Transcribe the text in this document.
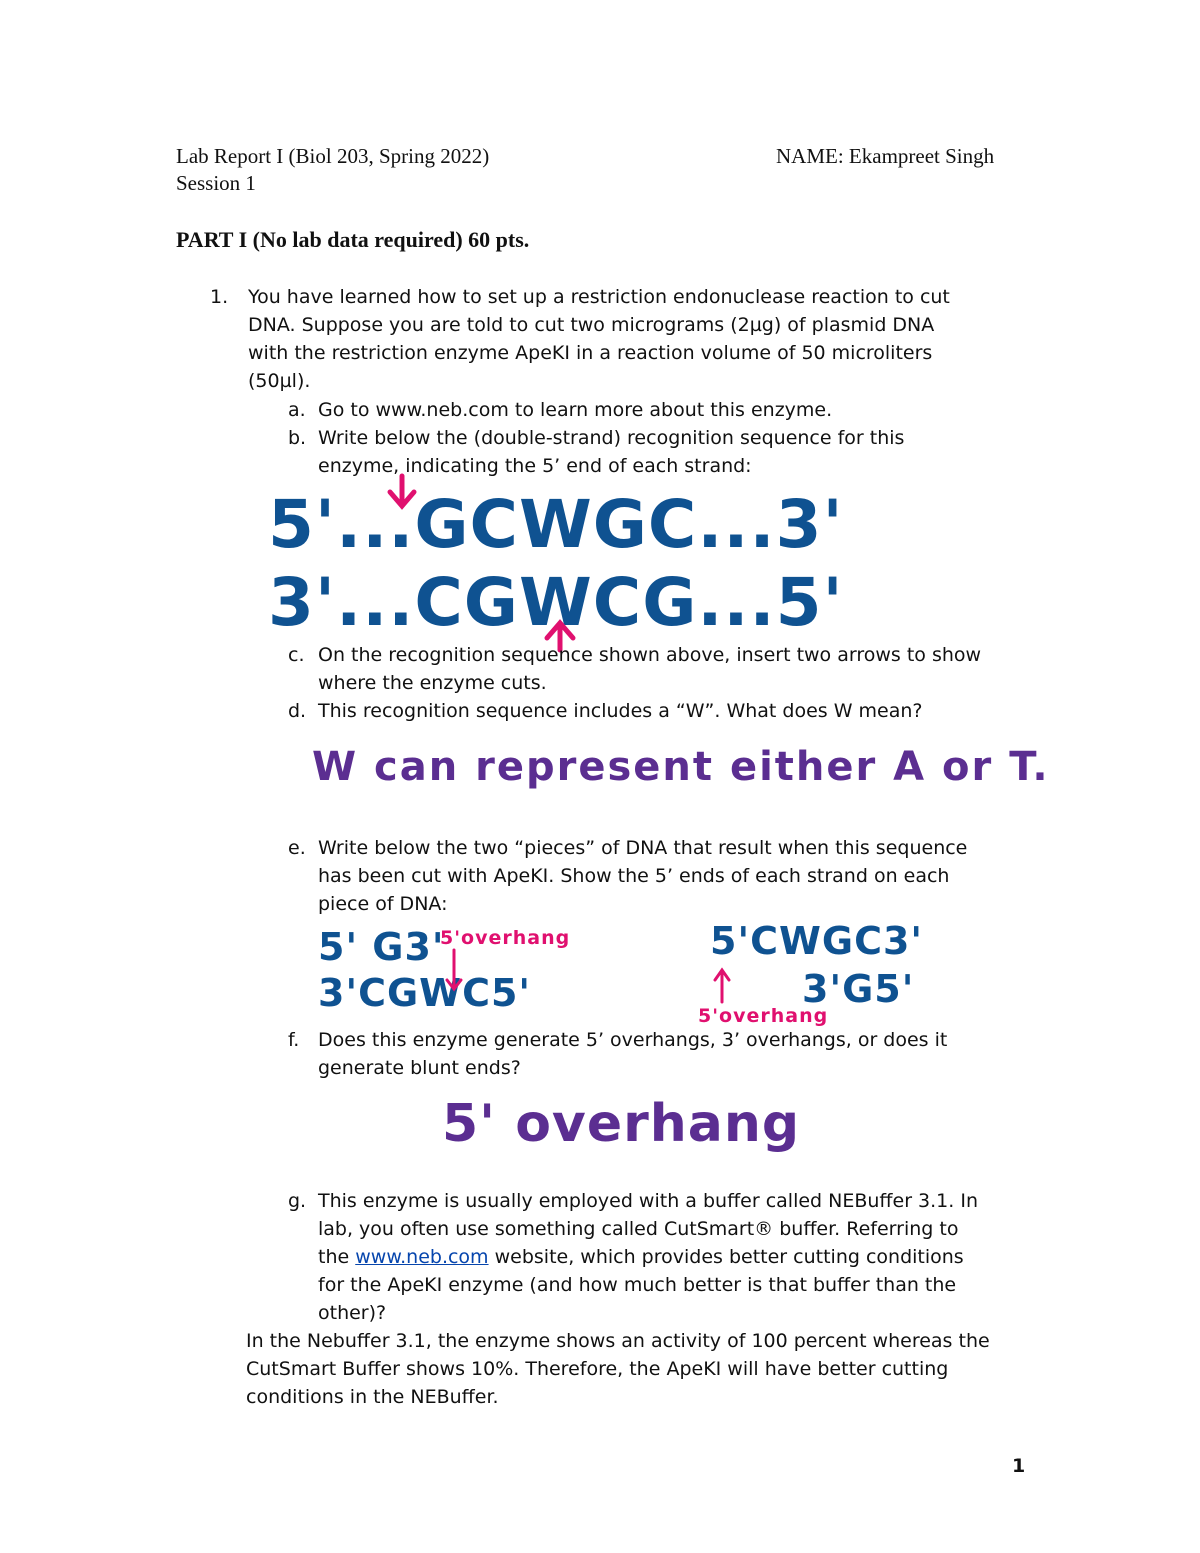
Lab Report I (Biol 203, Spring 2022)	NAME: Ekampreet Singh
Session 1
PART I (No lab data required) 60 pts.
1. You have learned how to set up a restriction endonuclease reaction to cut
DNA. Suppose you are told to cut two micrograms (2µg) of plasmid DNA
with the restriction enzyme ApeKI in a reaction volume of 50 microliters
(50µl).
a. Go to www.neb.com to learn more about this enzyme.
b. Write below the (double-strand) recognition sequence for this
enzyme, indicating the 5’ end of each strand:
5'...GCWGC...3'
3'...CGWCG...5'
c. On the recognition sequence shown above, insert two arrows to show
where the enzyme cuts.
d. This recognition sequence includes a “W”. What does W mean?
W can represent either A or T.
e. Write below the two “pieces” of DNA that result when this sequence
has been cut with ApeKI. Show the 5’ ends of each strand on each
piece of DNA:
5' G3'
3'CGWC5'
5'overhang	5'CWGC3'
3'G5'
5'overhang
f. Does this enzyme generate 5’ overhangs, 3’ overhangs, or does it
generate blunt ends?
5' overhang
g. This enzyme is usually employed with a buffer called NEBuffer 3.1. In
lab, you often use something called CutSmart® buffer. Referring to
the www.neb.com website, which provides better cutting conditions
for the ApeKI enzyme (and how much better is that buffer than the
other)?
In the Nebuffer 3.1, the enzyme shows an activity of 100 percent whereas the
CutSmart Buffer shows 10%. Therefore, the ApeKI will have better cutting
conditions in the NEBuffer.
1
